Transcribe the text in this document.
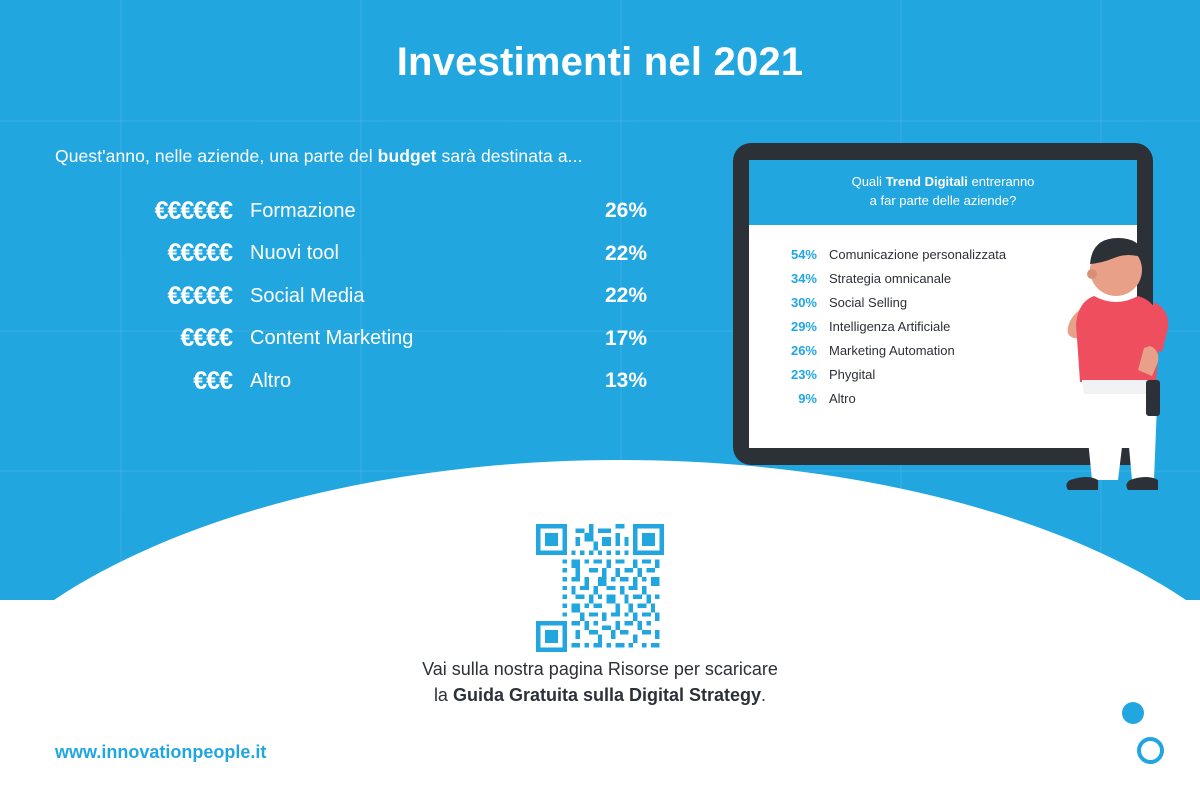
Investimenti nel 2021
Quest'anno, nelle aziende, una parte del budget sarà destinata a...
€€€€€€ Formazione	26%
€€€€€ Nuovi tool	22%
€€€€€ Social Media	22%
€€€€ Content Marketing	17%
€€€ Altro	13%
Quali Trend Digitali entreranno
a far parte delle aziende?
54% Comunicazione personalizzata
34% Strategia omnicanale
30% Social Selling
29% Intelligenza Artificiale
26% Marketing Automation
23% Phygital
9% Altro
Vai sulla nostra pagina Risorse per scaricare
la Guida Gratuita sulla Digital Strategy.
www.innovationpeople.it
